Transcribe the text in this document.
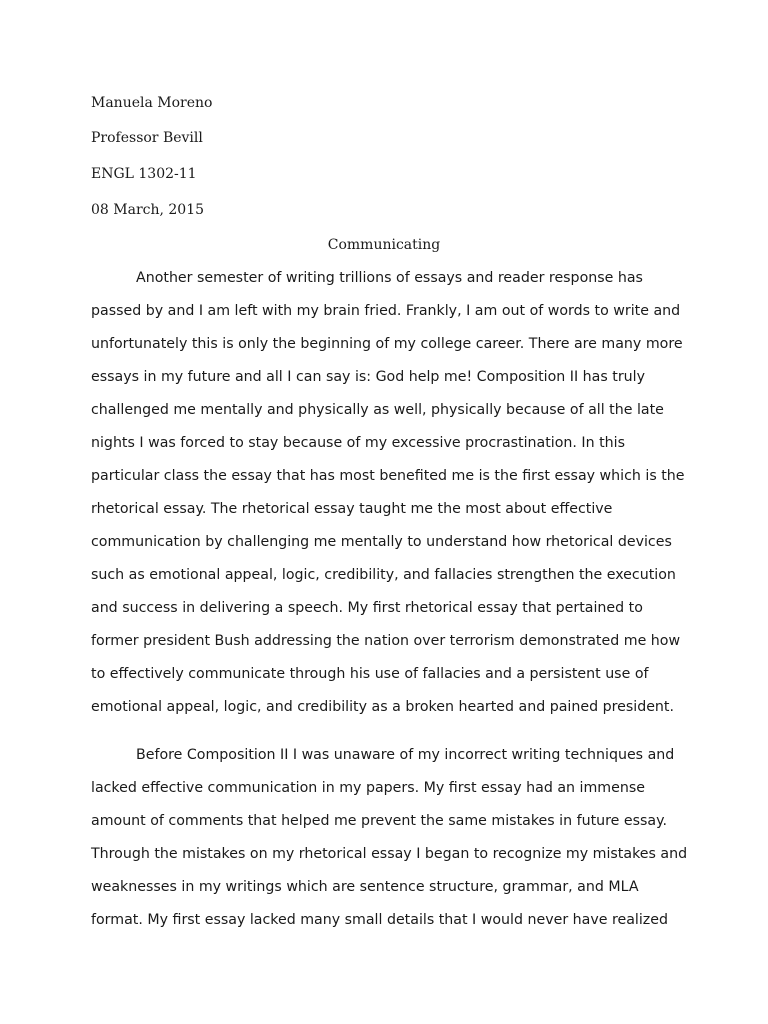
Manuela Moreno
Professor Bevill
ENGL 1302-11
08 March, 2015
Communicating
Another semester of writing trillions of essays and reader response has
passed by and I am left with my brain fried. Frankly, I am out of words to write and
unfortunately this is only the beginning of my college career. There are many more
essays in my future and all I can say is: God help me! Composition II has truly
challenged me mentally and physically as well, physically because of all the late
nights I was forced to stay because of my excessive procrastination. In this
particular class the essay that has most benefited me is the first essay which is the
rhetorical essay. The rhetorical essay taught me the most about effective
communication by challenging me mentally to understand how rhetorical devices
such as emotional appeal, logic, credibility, and fallacies strengthen the execution
and success in delivering a speech. My first rhetorical essay that pertained to
former president Bush addressing the nation over terrorism demonstrated me how
to effectively communicate through his use of fallacies and a persistent use of
emotional appeal, logic, and credibility as a broken hearted and pained president.
Before Composition II I was unaware of my incorrect writing techniques and
lacked effective communication in my papers. My first essay had an immense
amount of comments that helped me prevent the same mistakes in future essay.
Through the mistakes on my rhetorical essay I began to recognize my mistakes and
weaknesses in my writings which are sentence structure, grammar, and MLA
format. My first essay lacked many small details that I would never have realized
